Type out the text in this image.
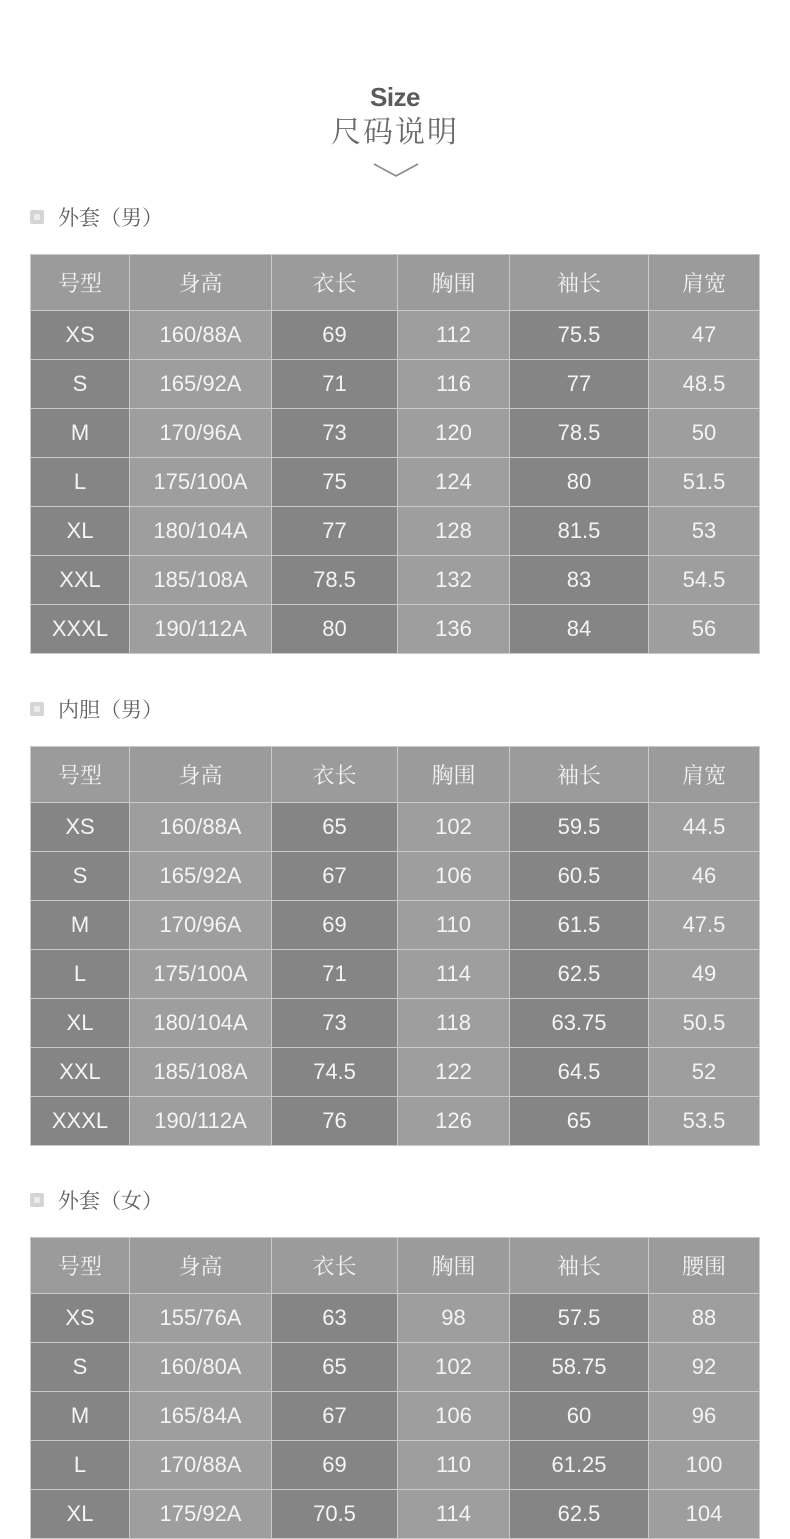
Size
尺码说明
外套（男）
号型	身高	衣长	胸围	袖长	肩宽
XS	160/88A	69	112	75.5	47
S	165/92A	71	116	77	48.5
M	170/96A	73	120	78.5	50
L	175/100A	75	124	80	51.5
XL	180/104A	77	128	81.5	53
XXL	185/108A	78.5	132	83	54.5
XXXL	190/112A	80	136	84	56
内胆（男）
号型	身高	衣长	胸围	袖长	肩宽
XS	160/88A	65	102	59.5	44.5
S	165/92A	67	106	60.5	46
M	170/96A	69	110	61.5	47.5
L	175/100A	71	114	62.5	49
XL	180/104A	73	118	63.75	50.5
XXL	185/108A	74.5	122	64.5	52
XXXL	190/112A	76	126	65	53.5
外套（女）
号型	身高	衣长	胸围	袖长	腰围
XS	155/76A	63	98	57.5	88
S	160/80A	65	102	58.75	92
M	165/84A	67	106	60	96
L	170/88A	69	110	61.25	100
XL	175/92A	70.5	114	62.5	104
